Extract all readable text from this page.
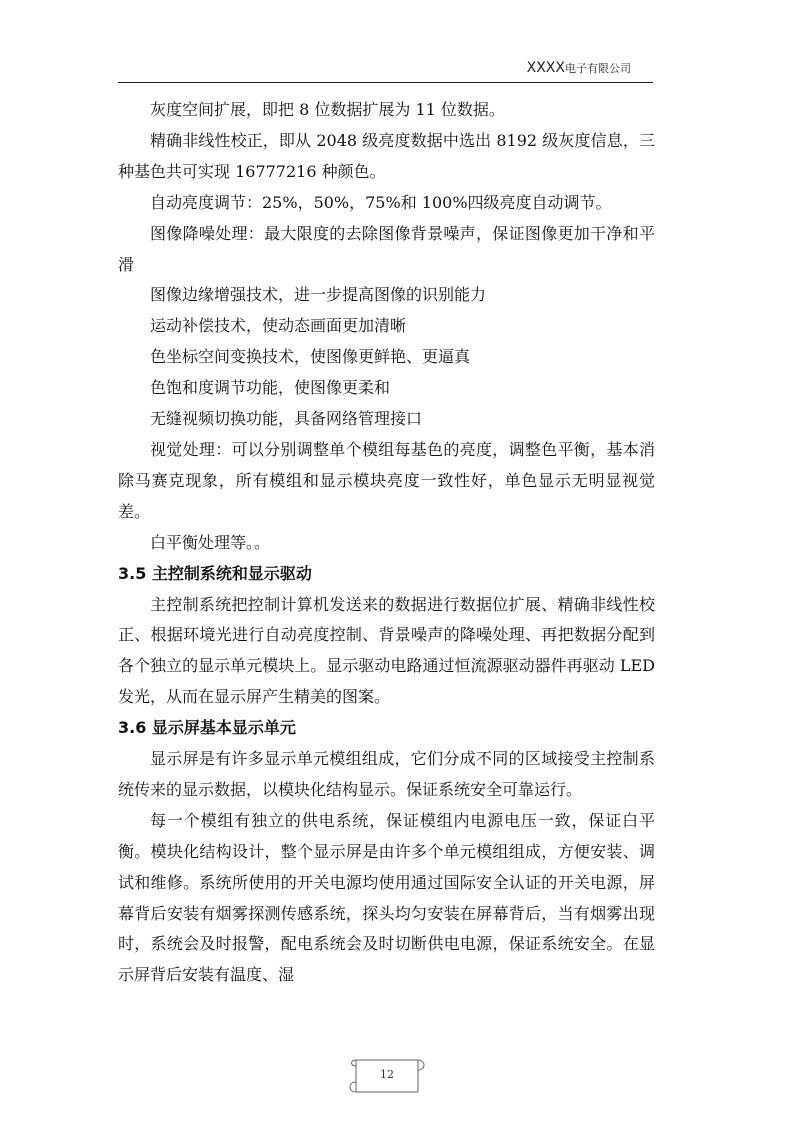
XXXX电子有限公司

灰度空间扩展，即把 8 位数据扩展为 11 位数据。

精确非线性校正，即从 2048 级亮度数据中选出 8192 级灰度信息，三种基色共可实现 16777216 种颜色。

自动亮度调节：25%，50%，75%和 100%四级亮度自动调节。

图像降噪处理：最大限度的去除图像背景噪声，保证图像更加干净和平滑

图像边缘增强技术，进一步提高图像的识别能力

运动补偿技术，使动态画面更加清晰

色坐标空间变换技术，使图像更鲜艳、更逼真

色饱和度调节功能，使图像更柔和

无缝视频切换功能，具备网络管理接口

视觉处理：可以分别调整单个模组每基色的亮度，调整色平衡，基本消除马赛克现象，所有模组和显示模块亮度一致性好，单色显示无明显视觉差。

白平衡处理等。。

3.5 主控制系统和显示驱动

主控制系统把控制计算机发送来的数据进行数据位扩展、精确非线性校正、根据环境光进行自动亮度控制、背景噪声的降噪处理、再把数据分配到各个独立的显示单元模块上。显示驱动电路通过恒流源驱动器件再驱动 LED 发光，从而在显示屏产生精美的图案。

3.6 显示屏基本显示单元

显示屏是有许多显示单元模组组成，它们分成不同的区域接受主控制系统传来的显示数据，以模块化结构显示。保证系统安全可靠运行。

每一个模组有独立的供电系统，保证模组内电源电压一致，保证白平衡。模块化结构设计，整个显示屏是由许多个单元模组组成，方便安装、调试和维修。系统所使用的开关电源均使用通过国际安全认证的开关电源，屏幕背后安装有烟雾探测传感系统，探头均匀安装在屏幕背后，当有烟雾出现时，系统会及时报警，配电系统会及时切断供电电源，保证系统安全。在显示屏背后安装有温度、湿

12
